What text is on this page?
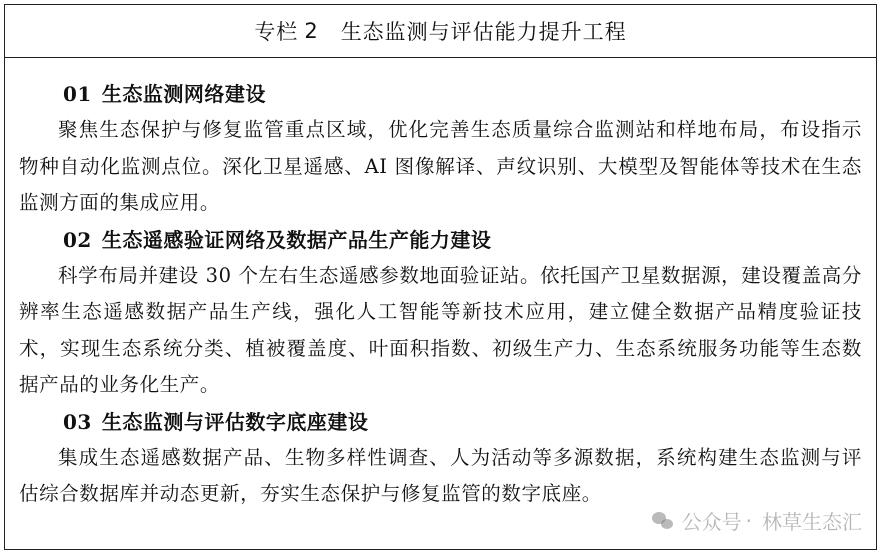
专栏 2 生态监测与评估能力提升工程
01 生态监测网络建设
聚焦生态保护与修复监管重点区域，优化完善生态质量综合监测站和样地布局，布设指示物种自动化监测点位。深化卫星遥感、AI 图像解译、声纹识别、大模型及智能体等技术在生态监测方面的集成应用。
02 生态遥感验证网络及数据产品生产能力建设
科学布局并建设 30 个左右生态遥感参数地面验证站。依托国产卫星数据源，建设覆盖高分辨率生态遥感数据产品生产线，强化人工智能等新技术应用，建立健全数据产品精度验证技术，实现生态系统分类、植被覆盖度、叶面积指数、初级生产力、生态系统服务功能等生态数据产品的业务化生产。
03 生态监测与评估数字底座建设
集成生态遥感数据产品、生物多样性调查、人为活动等多源数据，系统构建生态监测与评估综合数据库并动态更新，夯实生态保护与修复监管的数字底座。
公众号 · 林草生态汇
